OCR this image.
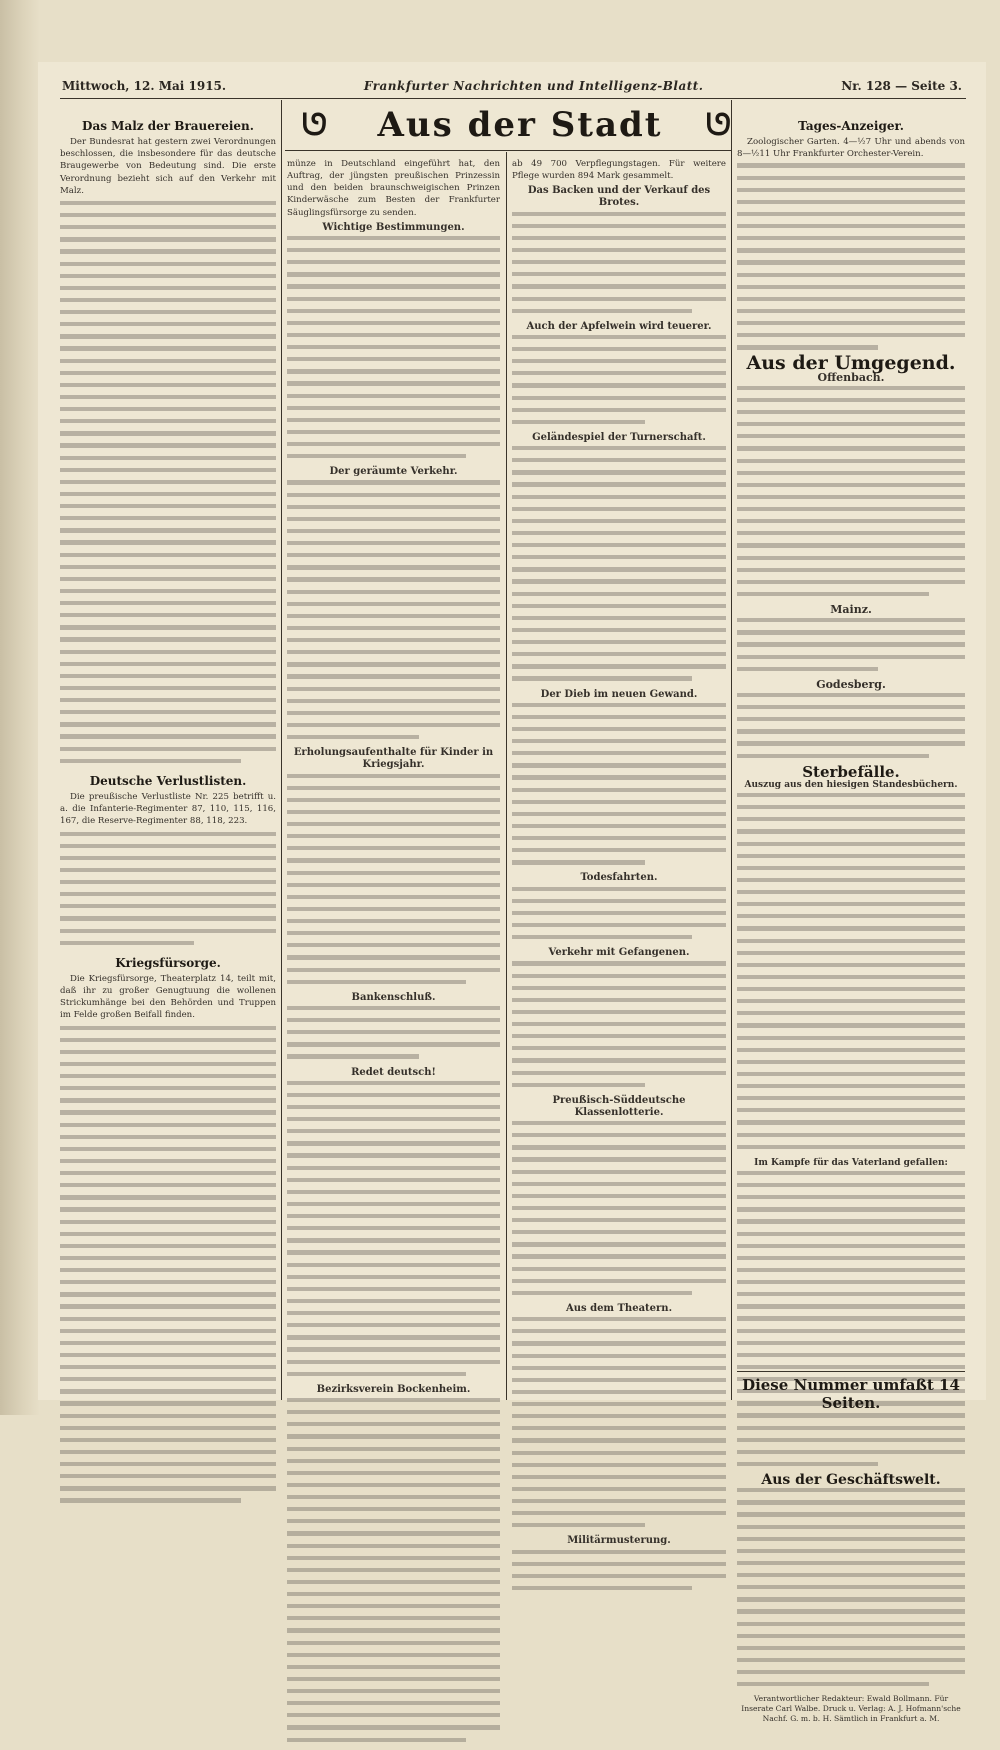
Mittwoch, 12. Mai 1915.	Frankfurter Nachrichten und Intelligenz-Blatt.	Nr. 128 — Seite 3.
ᘎ Aus der Stadt ᘎ
Das Malz der Brauereien.

Der Bundesrat hat gestern zwei Verordnungen beschlossen, die insbesondere für das deutsche Braugewerbe von Bedeutung sind. Die erste Verordnung bezieht sich auf den Verkehr mit Malz.

Deutsche Verlustlisten.

Die preußische Verlustliste Nr. 225 betrifft u. a. die Infanterie-Regimenter 87, 110, 115, 116, 167, die Reserve-Regimenter 88, 118, 223.

Kriegsfürsorge.

Die Kriegsfürsorge, Theaterplatz 14, teilt mit, daß ihr zu großer Genugtuung die wollenen Strickumhänge bei den Behörden und Truppen im Felde großen Beifall finden.

münze in Deutschland eingeführt hat, den Auftrag, der jüngsten preußischen Prinzessin und den beiden braunschweigischen Prinzen Kinderwäsche zum Besten der Frankfurter Säuglingsfürsorge zu senden.

Wichtige Bestimmungen.
Der geräumte Verkehr.
Erholungsaufenthalte für Kinder in Kriegsjahr.
Bankenschluß.
Redet deutsch!
Bezirksverein Bockenheim.

ab 49 700 Verpflegungstagen. Für weitere Pflege wurden 894 Mark gesammelt.

Das Backen und der Verkauf des Brotes.
Auch der Apfelwein wird teuerer.
Geländespiel der Turnerschaft.
Der Dieb im neuen Gewand.
Todesfahrten.
Verkehr mit Gefangenen.
Preußisch-Süddeutsche Klassenlotterie.
Aus dem Theatern.
Militärmusterung.
Tages-Anzeiger.

Zoologischer Garten. 4—½7 Uhr und abends von 8—½11 Uhr Frankfurter Orchester-Verein.

Aus der Umgegend.
Offenbach.
Mainz.
Godesberg.
Sterbefälle.
Auszug aus den hiesigen Standesbüchern.
Im Kampfe für das Vaterland gefallen:
Aus der Geschäftswelt.
Verantwortlicher Redakteur: Ewald Bollmann. Für Inserate Carl Walbe. Druck u. Verlag: A. J. Hofmann'sche Nachf. G. m. b. H. Sämtlich in Frankfurt a. M.
Diese Nummer umfaßt 14 Seiten.
